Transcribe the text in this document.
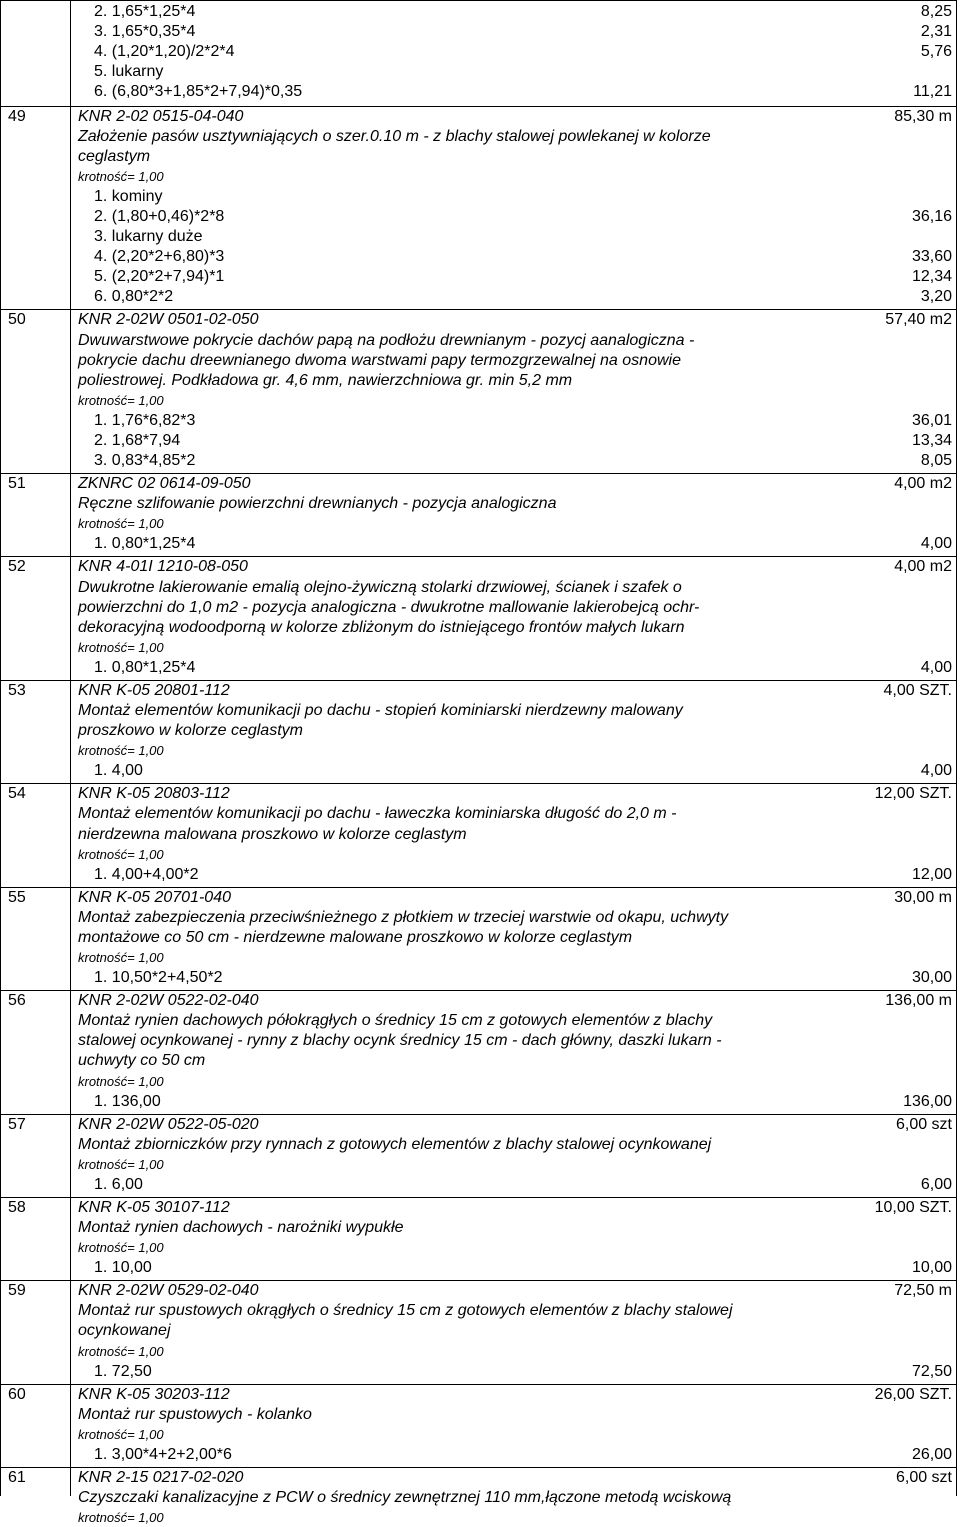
2. 1,65*1,25*4	8,25
3. 1,65*0,35*4	2,31
4. (1,20*1,20)/2*2*4	5,76
5. lukarny
6. (6,80*3+1,85*2+7,94)*0,35	11,21
49	KNR 2-02 0515-04-040	85,30 m
Założenie pasów usztywniających o szer.0.10 m - z blachy stalowej powlekanej w kolorze
ceglastym
krotność= 1,00
1. kominy
2. (1,80+0,46)*2*8	36,16
3. lukarny duże
4. (2,20*2+6,80)*3	33,60
5. (2,20*2+7,94)*1	12,34
6. 0,80*2*2	3,20
50	KNR 2-02W 0501-02-050	57,40 m2
Dwuwarstwowe pokrycie dachów papą na podłożu drewnianym - pozycj aanalogiczna -
pokrycie dachu dreewnianego dwoma warstwami papy termozgrzewalnej na osnowie
poliestrowej. Podkładowa gr. 4,6 mm, nawierzchniowa gr. min 5,2 mm
krotność= 1,00
1. 1,76*6,82*3	36,01
2. 1,68*7,94	13,34
3. 0,83*4,85*2	8,05
51	ZKNRC 02 0614-09-050	4,00 m2
Ręczne szlifowanie powierzchni drewnianych - pozycja analogiczna
krotność= 1,00
1. 0,80*1,25*4	4,00
52	KNR 4-01I 1210-08-050	4,00 m2
Dwukrotne lakierowanie emalią olejno-żywiczną stolarki drzwiowej, ścianek i szafek o
powierzchni do 1,0 m2 - pozycja analogiczna - dwukrotne mallowanie lakierobejcą ochr-
dekoracyjną wodoodporną w kolorze zbliżonym do istniejącego frontów małych lukarn
krotność= 1,00
1. 0,80*1,25*4	4,00
53	KNR K-05 20801-112	4,00 SZT.
Montaż elementów komunikacji po dachu - stopień kominiarski nierdzewny malowany
proszkowo w kolorze ceglastym
krotność= 1,00
1. 4,00	4,00
54	KNR K-05 20803-112	12,00 SZT.
Montaż elementów komunikacji po dachu - ławeczka kominiarska długość do 2,0 m -
nierdzewna malowana proszkowo w kolorze ceglastym
krotność= 1,00
1. 4,00+4,00*2	12,00
55	KNR K-05 20701-040	30,00 m
Montaż zabezpieczenia przeciwśnieżnego z płotkiem w trzeciej warstwie od okapu, uchwyty
montażowe co 50 cm - nierdzewne malowane proszkowo w kolorze ceglastym
krotność= 1,00
1. 10,50*2+4,50*2	30,00
56	KNR 2-02W 0522-02-040	136,00 m
Montaż rynien dachowych półokrągłych o średnicy 15 cm z gotowych elementów z blachy
stalowej ocynkowanej - rynny z blachy ocynk średnicy 15 cm - dach główny, daszki lukarn -
uchwyty co 50 cm
krotność= 1,00
1. 136,00	136,00
57	KNR 2-02W 0522-05-020	6,00 szt
Montaż zbiorniczków przy rynnach z gotowych elementów z blachy stalowej ocynkowanej
krotność= 1,00
1. 6,00	6,00
58	KNR K-05 30107-112	10,00 SZT.
Montaż rynien dachowych - narożniki wypukłe
krotność= 1,00
1. 10,00	10,00
59	KNR 2-02W 0529-02-040	72,50 m
Montaż rur spustowych okrągłych o średnicy 15 cm z gotowych elementów z blachy stalowej
ocynkowanej
krotność= 1,00
1. 72,50	72,50
60	KNR K-05 30203-112	26,00 SZT.
Montaż rur spustowych - kolanko
krotność= 1,00
1. 3,00*4+2+2,00*6	26,00
61	KNR 2-15 0217-02-020	6,00 szt
Czyszczaki kanalizacyjne z PCW o średnicy zewnętrznej 110 mm,łączone metodą wciskową
krotność= 1,00
